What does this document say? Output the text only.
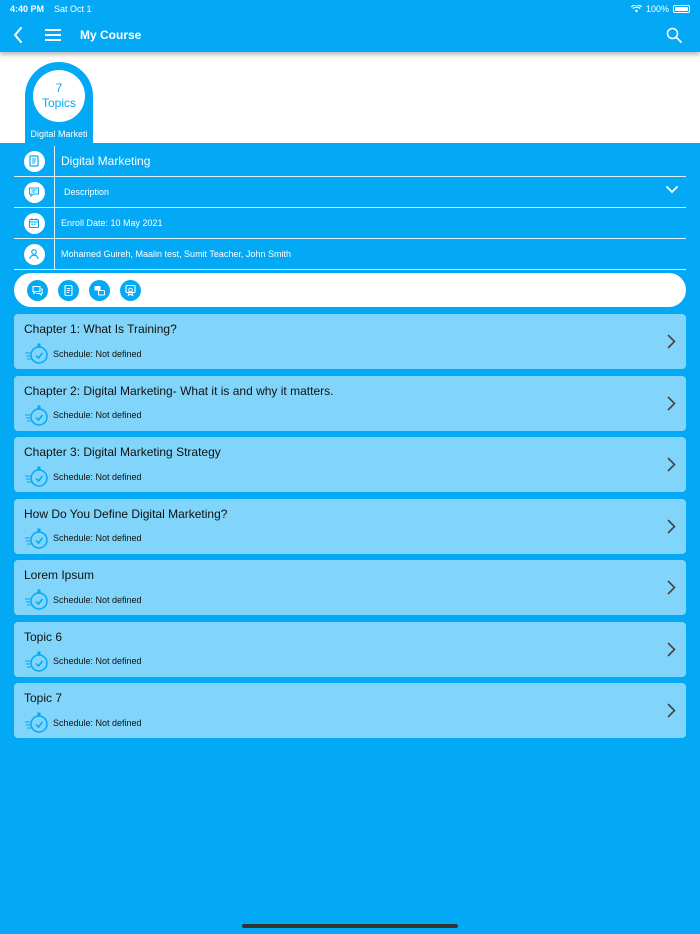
4:40 PM Sat Oct 1	100%
My Course
7
Topics
Digital Marketi
Digital Marketing
Description
Enroll Date: 10 May 2021
Mohamed Guireh, Maalin test, Sumit Teacher, John Smith
Chapter 1: What Is Training?
Schedule: Not defined
Chapter 2: Digital Marketing- What it is and why it matters.
Schedule: Not defined
Chapter 3: Digital Marketing Strategy
Schedule: Not defined
How Do You Define Digital Marketing?
Schedule: Not defined
Lorem Ipsum
Schedule: Not defined
Topic 6
Schedule: Not defined
Topic 7
Schedule: Not defined
